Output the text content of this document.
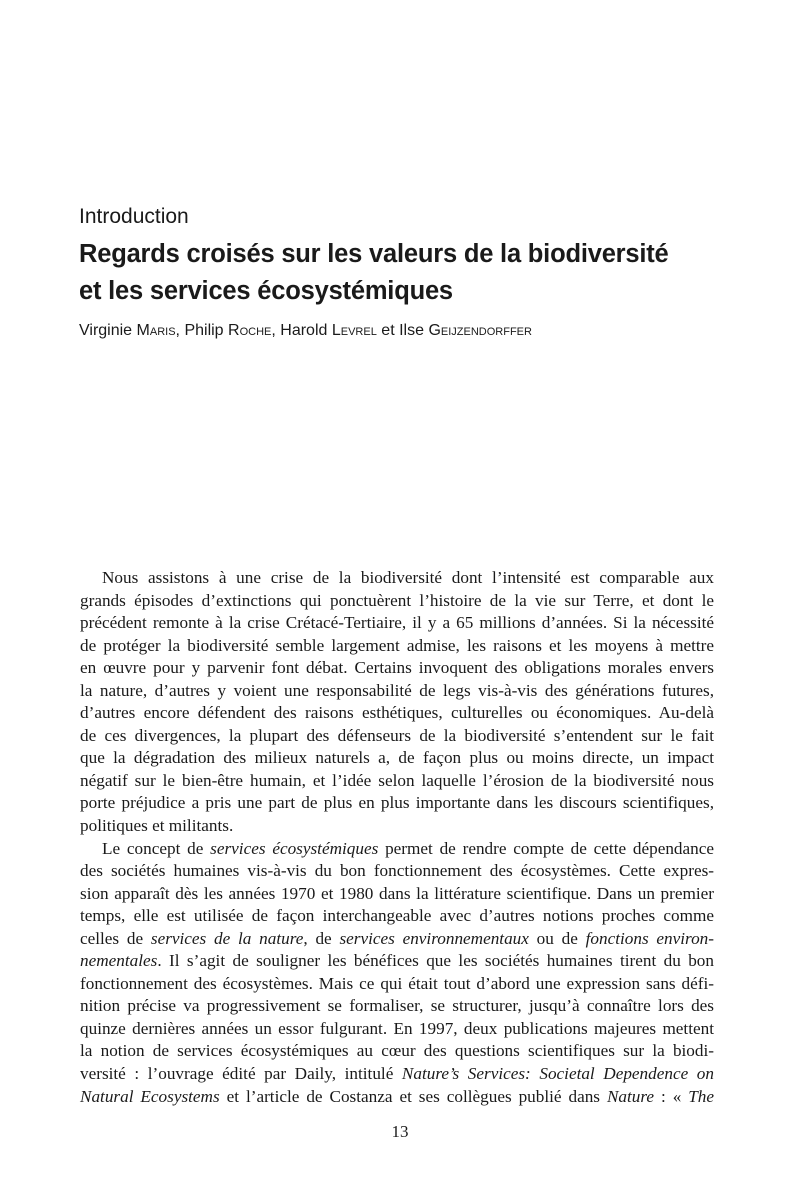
Introduction
Regards croisés sur les valeurs de la biodiversité
et les services écosystémiques
Virginie Maris, Philip Roche, Harold Levrel et Ilse Geijzendorffer
Nous assistons à une crise de la biodiversité dont l’intensité est comparable aux
grands épisodes d’extinctions qui ponctuèrent l’histoire de la vie sur Terre, et dont le
précédent remonte à la crise Crétacé-Tertiaire, il y a 65 millions d’années. Si la nécessité
de protéger la biodiversité semble largement admise, les raisons et les moyens à mettre
en œuvre pour y parvenir font débat. Certains invoquent des obligations morales envers
la nature, d’autres y voient une responsabilité de legs vis-à-vis des générations futures,
d’autres encore défendent des raisons esthétiques, culturelles ou économiques. Au-delà
de ces divergences, la plupart des défenseurs de la biodiversité s’entendent sur le fait
que la dégradation des milieux naturels a, de façon plus ou moins directe, un impact
négatif sur le bien-être humain, et l’idée selon laquelle l’érosion de la biodiversité nous
porte préjudice a pris une part de plus en plus importante dans les discours scientifiques,
politiques et militants.
Le concept de services écosystémiques permet de rendre compte de cette dépendance
des sociétés humaines vis-à-vis du bon fonctionnement des écosystèmes. Cette expres-
sion apparaît dès les années 1970 et 1980 dans la littérature scientifique. Dans un premier
temps, elle est utilisée de façon interchangeable avec d’autres notions proches comme
celles de services de la nature, de services environnementaux ou de fonctions environ-
nementales. Il s’agit de souligner les bénéfices que les sociétés humaines tirent du bon
fonctionnement des écosystèmes. Mais ce qui était tout d’abord une expression sans défi-
nition précise va progressivement se formaliser, se structurer, jusqu’à connaître lors des
quinze dernières années un essor fulgurant. En 1997, deux publications majeures mettent
la notion de services écosystémiques au cœur des questions scientifiques sur la biodi-
versité : l’ouvrage édité par Daily, intitulé Nature’s Services: Societal Dependence on
Natural Ecosystems et l’article de Costanza et ses collègues publié dans Nature : « The
13
